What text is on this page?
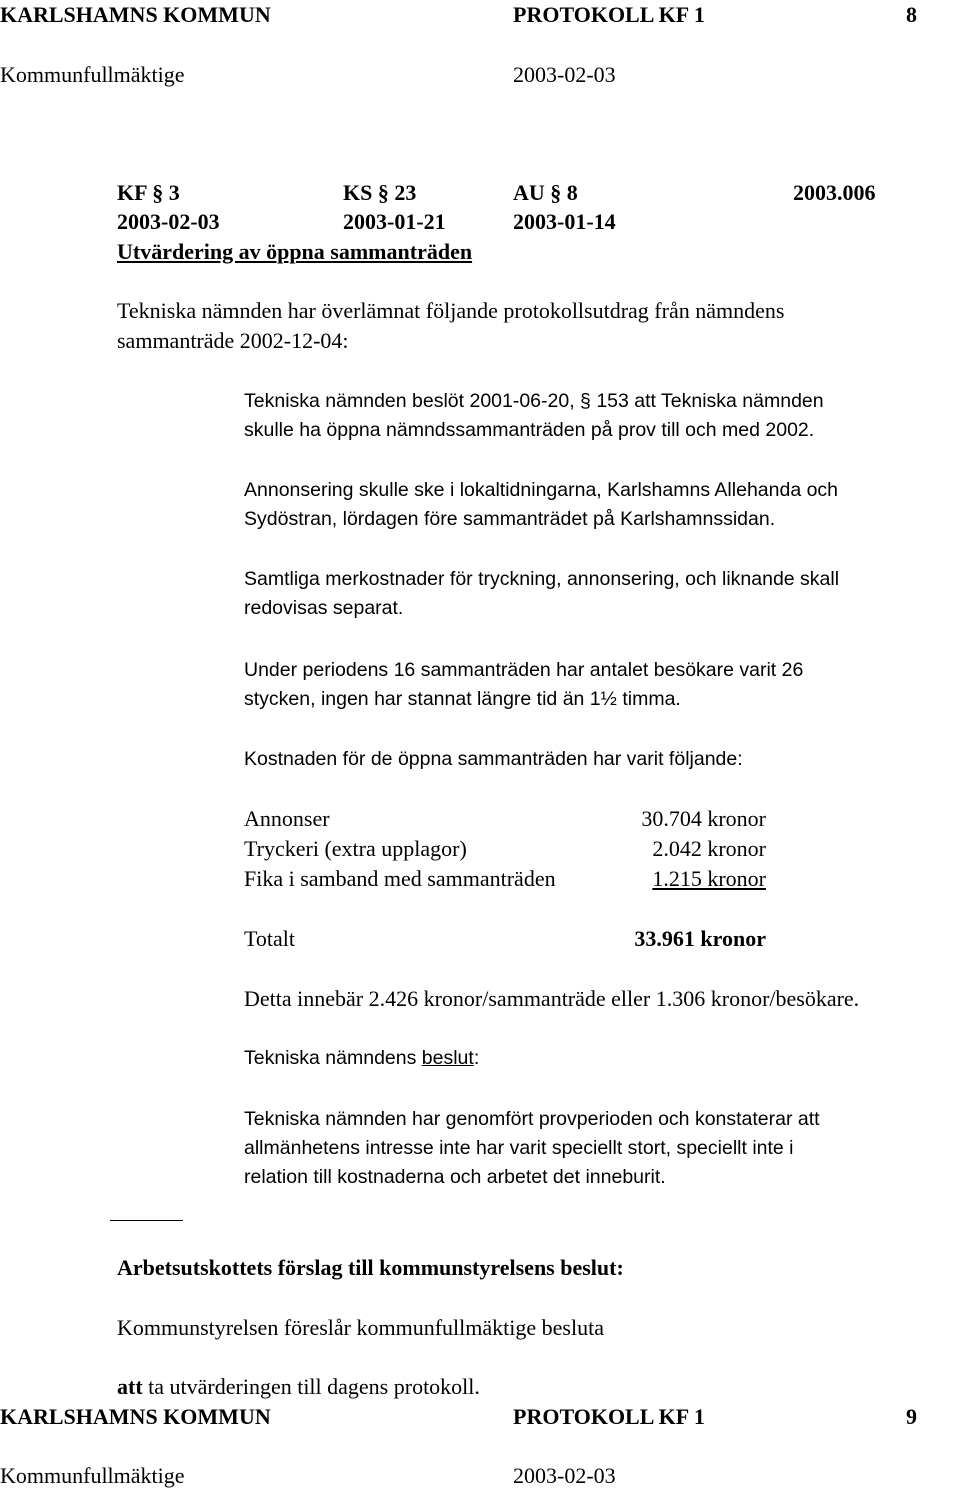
KARLSHAMNS KOMMUN	PROTOKOLL KF 1	8
Kommunfullmäktige	2003-02-03
KF § 3	KS § 23	AU § 8	2003.006
2003-02-03	2003-01-21	2003-01-14
Utvärdering av öppna sammanträden
Tekniska nämnden har överlämnat följande protokollsutdrag från nämndens
sammanträde 2002-12-04:
Tekniska nämnden beslöt 2001-06-20, § 153 att Tekniska nämnden
skulle ha öppna nämndssammanträden på prov till och med 2002.
Annonsering skulle ske i lokaltidningarna, Karlshamns Allehanda och
Sydöstran, lördagen före sammanträdet på Karlshamnssidan.
Samtliga merkostnader för tryckning, annonsering, och liknande skall
redovisas separat.
Under periodens 16 sammanträden har antalet besökare varit 26
stycken, ingen har stannat längre tid än 1½ timma.
Kostnaden för de öppna sammanträden har varit följande:
Annonser	30.704 kronor
Tryckeri (extra upplagor)	2.042 kronor
Fika i samband med sammanträden	1.215 kronor
Totalt	33.961 kronor
Detta innebär 2.426 kronor/sammanträde eller 1.306 kronor/besökare.
Tekniska nämndens beslut:
Tekniska nämnden har genomfört provperioden och konstaterar att
allmänhetens intresse inte har varit speciellt stort, speciellt inte i
relation till kostnaderna och arbetet det inneburit.
Arbetsutskottets förslag till kommunstyrelsens beslut:
Kommunstyrelsen föreslår kommunfullmäktige besluta
att ta utvärderingen till dagens protokoll.
KARLSHAMNS KOMMUN	PROTOKOLL KF 1	9
Kommunfullmäktige	2003-02-03
